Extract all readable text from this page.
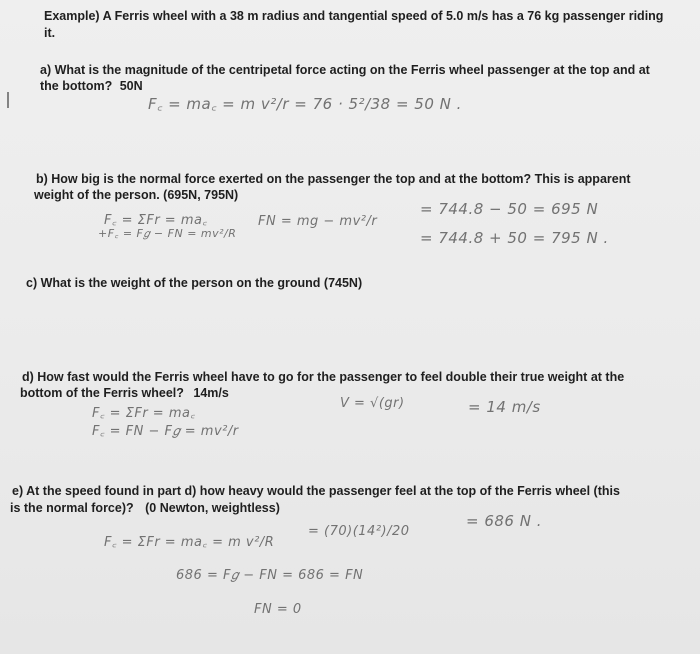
Example) A Ferris wheel with a 38 m radius and tangential speed of 5.0 m/s has a 76 kg passenger riding
it.
a) What is the magnitude of the centripetal force acting on the Ferris wheel passenger at the top and at
the bottom? 50N
F꜀ = ma꜀ = m v²/r = 76 · 5²/38 = 50 N .
b) How big is the normal force exerted on the passenger the top and at the bottom? This is apparent
weight of the person. (695N, 795N)
F꜀ = ΣFr = ma꜀
+F꜀ = F𝑔 − FN = mv²/R
FN = mg − mv²/r
= 744.8 − 50 = 695 N
= 744.8 + 50 = 795 N .
c) What is the weight of the person on the ground (745N)
d) How fast would the Ferris wheel have to go for the passenger to feel double their true weight at the
bottom of the Ferris wheel? 14m/s
F꜀ = ΣFr = ma꜀
F꜀ = FN − F𝑔 = mv²/r
V = √(gr)	= 14 m/s
e) At the speed found in part d) how heavy would the passenger feel at the top of the Ferris wheel (this
is the normal force)? (0 Newton, weightless)
F꜀ = ΣFr = ma꜀ = m v²/R
= (70)(14²)/20
= 686 N .
686 = F𝑔 − FN = 686 = FN
FN = 0
